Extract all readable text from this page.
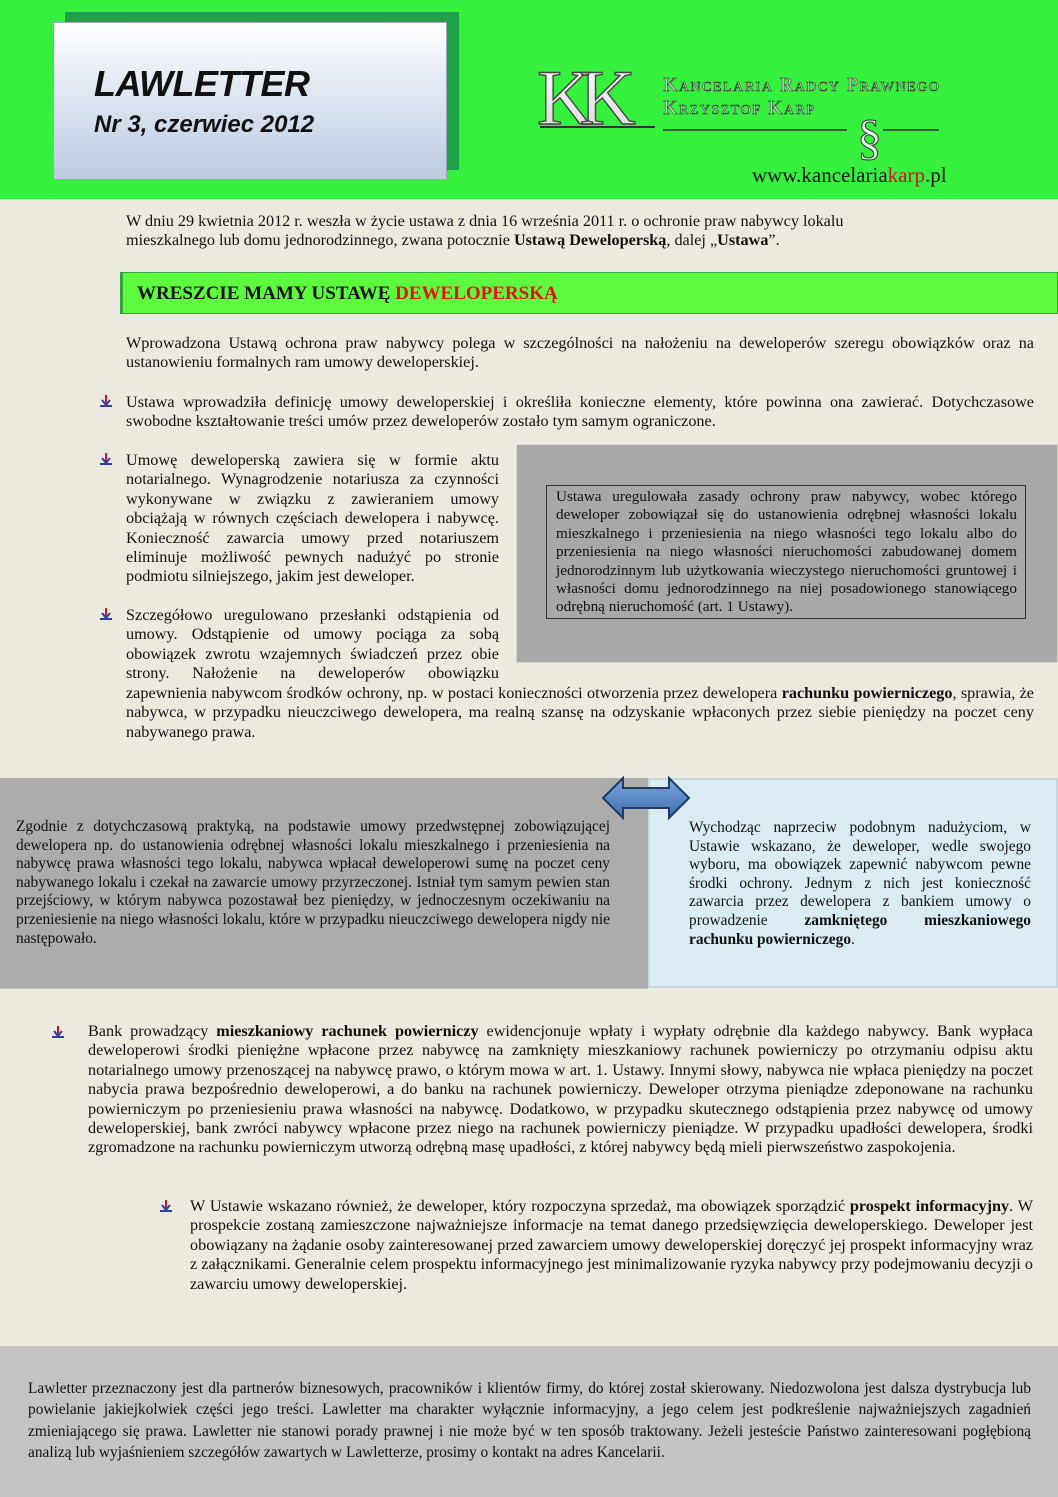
LAWLETTER
Nr 3, czerwiec 2012	KK	Kancelaria Radcy Prawnego
Krzysztof Karp
§
www.kancelariakarp.pl

W dniu 29 kwietnia 2012 r. weszła w życie ustawa z dnia 16 września 2011 r. o ochronie praw nabywcy lokalu mieszkalnego lub domu jednorodzinnego, zwana potocznie Ustawą Deweloperską, dalej „Ustawa”.

WRESZCIE MAMY USTAWĘ DEWELOPERSKĄ

Wprowadzona Ustawą ochrona praw nabywcy polega w szczególności na nałożeniu na deweloperów szeregu obowiązków oraz na ustanowieniu formalnych ram umowy deweloperskiej.

Ustawa wprowadziła definicję umowy deweloperskiej i określiła konieczne elementy, które powinna ona zawierać. Dotychczasowe swobodne kształtowanie treści umów przez deweloperów zostało tym samym ograniczone.

Ustawa uregulowała zasady ochrony praw nabywcy, wobec którego deweloper zobowiązał się do ustanowienia odrębnej własności lokalu mieszkalnego i przeniesienia na niego własności tego lokalu albo do przeniesienia na niego własności nieruchomości zabudowanej domem jednorodzinnym lub użytkowania wieczystego nieruchomości gruntowej i własności domu jednorodzinnego na niej posadowionego stanowiącego odrębną nieruchomość (art. 1 Ustawy).

Umowę deweloperską zawiera się w formie aktu notarialnego. Wynagrodzenie notariusza za czynności wykonywane w związku z zawieraniem umowy obciążają w równych częściach dewelopera i nabywcę. Konieczność zawarcia umowy przed notariuszem eliminuje możliwość pewnych nadużyć po stronie podmiotu silniejszego, jakim jest deweloper.

Szczegółowo uregulowano przesłanki odstąpienia od

umowy. Odstąpienie od umowy pociąga za sobą

obowiązek zwrotu wzajemnych świadczeń przez obie

strony. Nałożenie na deweloperów obowiązku

zapewnienia nabywcom środków ochrony, np. w postaci konieczności otworzenia przez dewelopera rachunku powierniczego, sprawia, że nabywca, w przypadku nieuczciwego dewelopera, ma realną szansę na odzyskanie wpłaconych przez siebie pieniędzy na poczet ceny nabywanego prawa.

Zgodnie z dotychczasową praktyką, na podstawie umowy przedwstępnej zobowiązującej dewelopera np. do ustanowienia odrębnej własności lokalu mieszkalnego i przeniesienia na nabywcę prawa własności tego lokalu, nabywca wpłacał deweloperowi sumę na poczet ceny nabywanego lokalu i czekał na zawarcie umowy przyrzeczonej. Istniał tym samym pewien stan przejściowy, w którym nabywca pozostawał bez pieniędzy, w jednoczesnym oczekiwaniu na przeniesienie na niego własności lokalu, które w przypadku nieuczciwego dewelopera nigdy nie następowało.

Wychodząc naprzeciw podobnym nadużyciom, w Ustawie wskazano, że deweloper, wedle swojego wyboru, ma obowiązek zapewnić nabywcom pewne środki ochrony. Jednym z nich jest konieczność zawarcia przez dewelopera z bankiem umowy o prowadzenie zamkniętego mieszkaniowego rachunku powierniczego.

Bank prowadzący mieszkaniowy rachunek powierniczy ewidencjonuje wpłaty i wypłaty odrębnie dla każdego nabywcy. Bank wypłaca deweloperowi środki pieniężne wpłacone przez nabywcę na zamknięty mieszkaniowy rachunek powierniczy po otrzymaniu odpisu aktu notarialnego umowy przenoszącej na nabywcę prawo, o którym mowa w art. 1. Ustawy. Innymi słowy, nabywca nie wpłaca pieniędzy na poczet nabycia prawa bezpośrednio deweloperowi, a do banku na rachunek powierniczy. Deweloper otrzyma pieniądze zdeponowane na rachunku powierniczym po przeniesieniu prawa własności na nabywcę. Dodatkowo, w przypadku skutecznego odstąpienia przez nabywcę od umowy deweloperskiej, bank zwróci nabywcy wpłacone przez niego na rachunek powierniczy pieniądze. W przypadku upadłości dewelopera, środki zgromadzone na rachunku powierniczym utworzą odrębną masę upadłości, z której nabywcy będą mieli pierwszeństwo zaspokojenia.

W Ustawie wskazano również, że deweloper, który rozpoczyna sprzedaż, ma obowiązek sporządzić prospekt informacyjny. W prospekcie zostaną zamieszczone najważniejsze informacje na temat danego przedsięwzięcia deweloperskiego. Deweloper jest obowiązany na żądanie osoby zainteresowanej przed zawarciem umowy deweloperskiej doręczyć jej prospekt informacyjny wraz z załącznikami. Generalnie celem prospektu informacyjnego jest minimalizowanie ryzyka nabywcy przy podejmowaniu decyzji o zawarciu umowy deweloperskiej.

Lawletter przeznaczony jest dla partnerów biznesowych, pracowników i klientów firmy, do której został skierowany. Niedozwolona jest dalsza dystrybucja lub powielanie jakiejkolwiek części jego treści. Lawletter ma charakter wyłącznie informacyjny, a jego celem jest podkreślenie najważniejszych zagadnień zmieniającego się prawa. Lawletter nie stanowi porady prawnej i nie może być w ten sposób traktowany. Jeżeli jesteście Państwo zainteresowani pogłębioną analizą lub wyjaśnieniem szczegółów zawartych w Lawletterze, prosimy o kontakt na adres Kancelarii.
